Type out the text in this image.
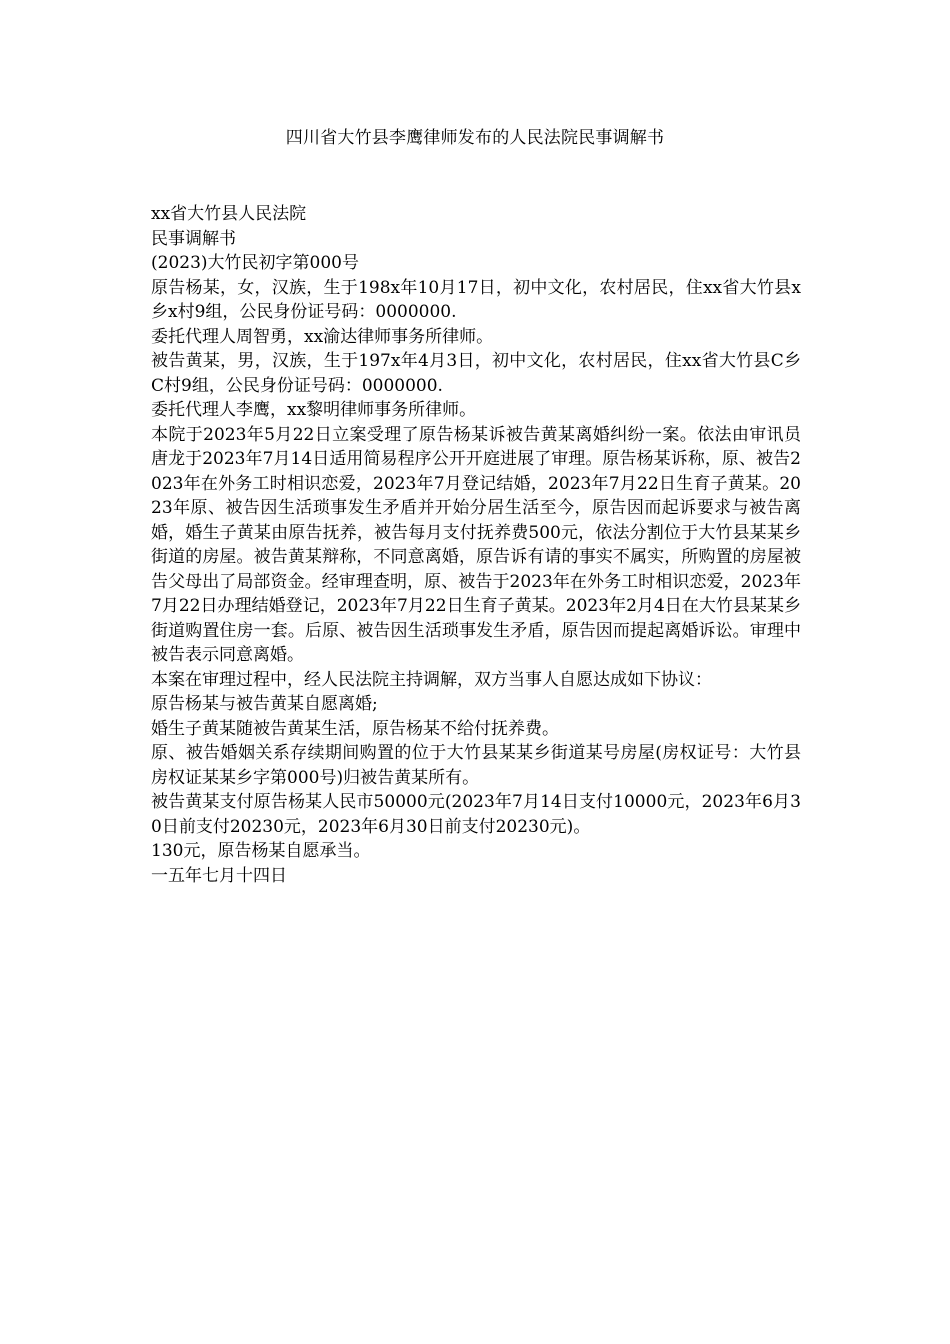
四川省大竹县李鹰律师发布的人民法院民事调解书

xx省大竹县人民法院

民事调解书

(2023)大竹民初字第000号

原告杨某，女，汉族，生于198x年10月17日，初中文化，农村居民，住xx省大竹县x乡x村9组，公民身份证号码：0000000.

委托代理人周智勇，xx渝达律师事务所律师。

被告黄某，男，汉族，生于197x年4月3日，初中文化，农村居民，住xx省大竹县C乡C村9组，公民身份证号码：0000000.

委托代理人李鹰，xx黎明律师事务所律师。

本院于2023年5月22日立案受理了原告杨某诉被告黄某离婚纠纷一案。依法由审讯员唐龙于2023年7月14日适用简易程序公开开庭进展了审理。原告杨某诉称，原、被告2023年在外务工时相识恋爱，2023年7月登记结婚，2023年7月22日生育子黄某。2023年原、被告因生活琐事发生矛盾并开始分居生活至今，原告因而起诉要求与被告离婚，婚生子黄某由原告抚养，被告每月支付抚养费500元，依法分割位于大竹县某某乡街道的房屋。被告黄某辩称，不同意离婚，原告诉有请的事实不属实，所购置的房屋被告父母出了局部资金。经审理查明，原、被告于2023年在外务工时相识恋爱，2023年7月22日办理结婚登记，2023年7月22日生育子黄某。2023年2月4日在大竹县某某乡街道购置住房一套。后原、被告因生活琐事发生矛盾，原告因而提起离婚诉讼。审理中被告表示同意离婚。

本案在审理过程中，经人民法院主持调解，双方当事人自愿达成如下协议：

原告杨某与被告黄某自愿离婚;

婚生子黄某随被告黄某生活，原告杨某不给付抚养费。

原、被告婚姻关系存续期间购置的位于大竹县某某乡街道某号房屋(房权证号：大竹县房权证某某乡字第000号)归被告黄某所有。

被告黄某支付原告杨某人民市50000元(2023年7月14日支付10000元，2023年6月30日前支付20230元，2023年6月30日前支付20230元)。

130元，原告杨某自愿承当。

一五年七月十四日
